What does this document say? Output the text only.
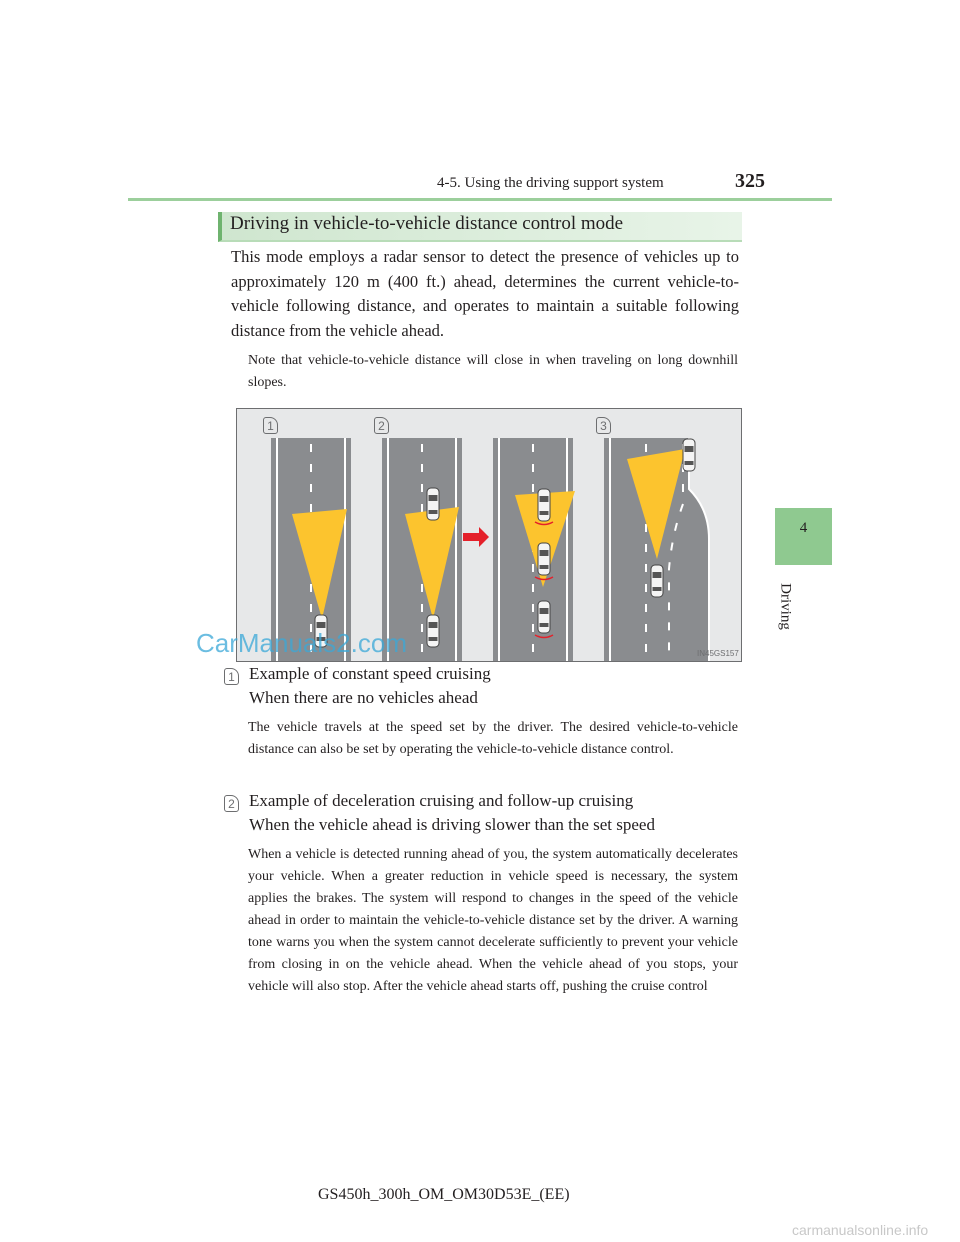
4-5. Using the driving support system	325
4
Driving
Driving in vehicle-to-vehicle distance control mode
This mode employs a radar sensor to detect the presence of vehicles up to approximately 120 m (400 ft.) ahead, determines the current vehicle-to-vehicle following distance, and operates to maintain a suitable following distance from the vehicle ahead.
Note that vehicle-to-vehicle distance will close in when traveling on long downhill slopes.
1	2	3
IN45GS157
CarManuals2.com
1 Example of constant speed cruising
When there are no vehicles ahead
The vehicle travels at the speed set by the driver. The desired vehicle-to-vehicle distance can also be set by operating the vehicle-to-vehicle distance control.
2 Example of deceleration cruising and follow-up cruising
When the vehicle ahead is driving slower than the set speed
When a vehicle is detected running ahead of you, the system automatically decelerates your vehicle. When a greater reduction in vehicle speed is necessary, the system applies the brakes. The system will respond to changes in the speed of the vehicle ahead in order to maintain the vehicle-to-vehicle distance set by the driver. A warning tone warns you when the system cannot decelerate sufficiently to prevent your vehicle from closing in on the vehicle ahead. When the vehicle ahead of you stops, your vehicle will also stop. After the vehicle ahead starts off, pushing the cruise control
GS450h_300h_OM_OM30D53E_(EE)
carmanualsonline.info
